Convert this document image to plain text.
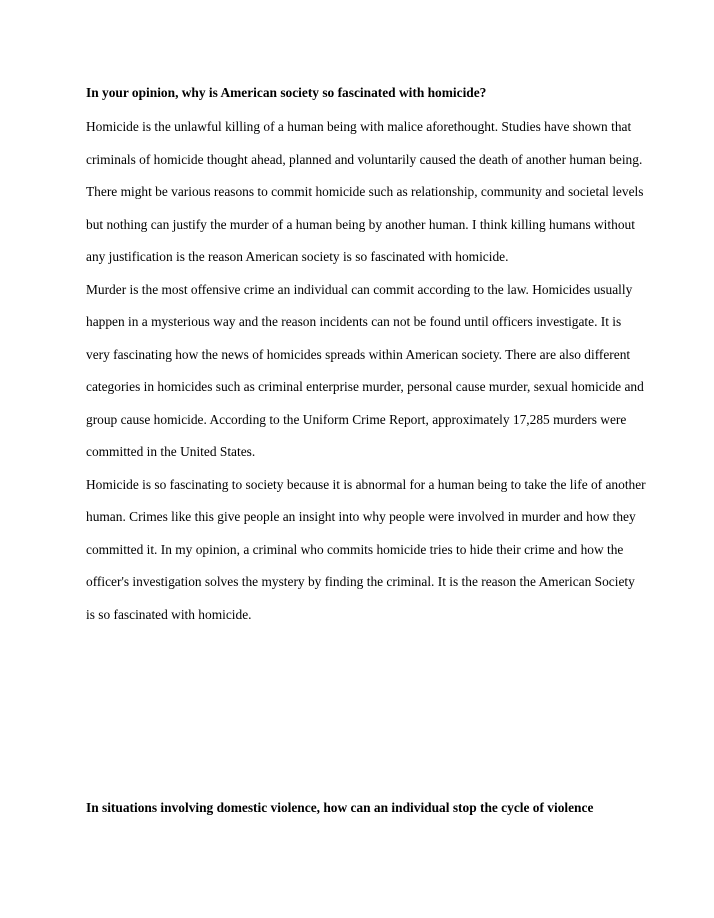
In your opinion, why is American society so fascinated with homicide?

Homicide is the unlawful killing of a human being with malice aforethought. Studies have shown that criminals of homicide thought ahead, planned and voluntarily caused the death of another human being. There might be various reasons to commit homicide such as relationship, community and societal levels but nothing can justify the murder of a human being by another human. I think killing humans without any justification is the reason American society is so fascinated with homicide.

Murder is the most offensive crime an individual can commit according to the law. Homicides usually happen in a mysterious way and the reason incidents can not be found until officers investigate. It is very fascinating how the news of homicides spreads within American society. There are also different categories in homicides such as criminal enterprise murder, personal cause murder, sexual homicide and group cause homicide. According to the Uniform Crime Report, approximately 17,285 murders were committed in the United States.

Homicide is so fascinating to society because it is abnormal for a human being to take the life of another human. Crimes like this give people an insight into why people were involved in murder and how they committed it. In my opinion, a criminal who commits homicide tries to hide their crime and how the officer's investigation solves the mystery by finding the criminal. It is the reason the American Society is so fascinated with homicide.

In situations involving domestic violence, how can an individual stop the cycle of violence
